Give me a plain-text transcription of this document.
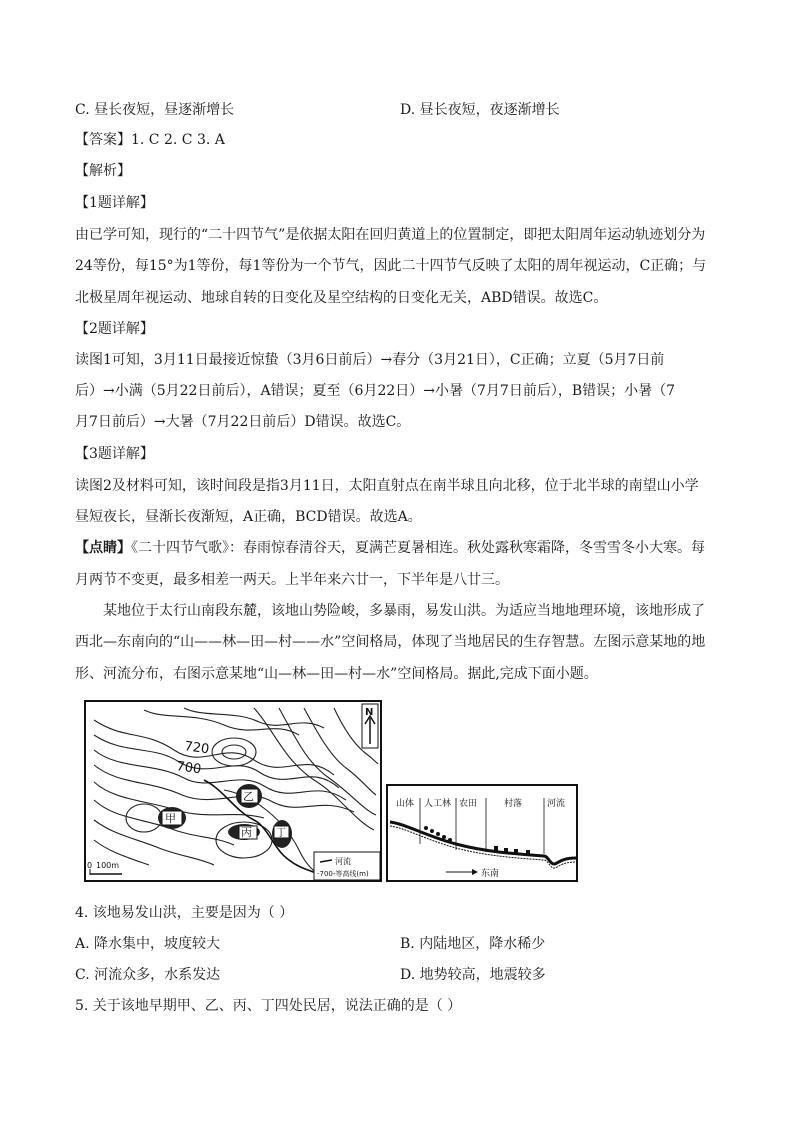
C. 昼长夜短，昼逐渐增长	D. 昼长夜短，夜逐渐增长
【答案】1. C 2. C 3. A
【解析】
【1题详解】
由已学可知，现行的“二十四节气”是依据太阳在回归黄道上的位置制定，即把太阳周年运动轨迹划分为
24等份，每15°为1等份，每1等份为一个节气，因此二十四节气反映了太阳的周年视运动，C正确；与
北极星周年视运动、地球自转的日变化及星空结构的日变化无关，ABD错误。故选C。
【2题详解】
读图1可知，3月11日最接近惊蛰（3月6日前后）→春分（3月21日），C正确；立夏（5月7日前
后）→小满（5月22日前后），A错误；夏至（6月22日）→小暑（7月7日前后），B错误；小暑（7
月7日前后）→大暑（7月22日前后）D错误。故选C。
【3题详解】
读图2及材料可知，该时间段是指3月11日，太阳直射点在南半球且向北移，位于北半球的南望山小学
昼短夜长，昼渐长夜渐短，A正确，BCD错误。故选A。
【点睛】《二十四节气歌》：春雨惊春清谷天，夏满芒夏暑相连。秋处露秋寒霜降，冬雪雪冬小大寒。每
月两节不变更，最多相差一两天。上半年来六廿一，下半年是八廿三。
某地位于太行山南段东麓，该地山势险峻，多暴雨，易发山洪。为适应当地地理环境，该地形成了
西北—东南向的“山——林—田—村——水”空间格局，体现了当地居民的生存智慧。左图示意某地的地
形、河流分布，右图示意某地“山—林—田—村—水”空间格局。据此,完成下面小题。
甲
乙
丙 丁
720
700
N
0 100m	河流
-700-等高线(m)
山体 人工林 农田	村落	河流
东南
4. 该地易发山洪，主要是因为（ ）
A. 降水集中，坡度较大	B. 内陆地区，降水稀少
C. 河流众多，水系发达	D. 地势较高，地震较多
5. 关于该地早期甲、乙、丙、丁四处民居，说法正确的是（ ）
